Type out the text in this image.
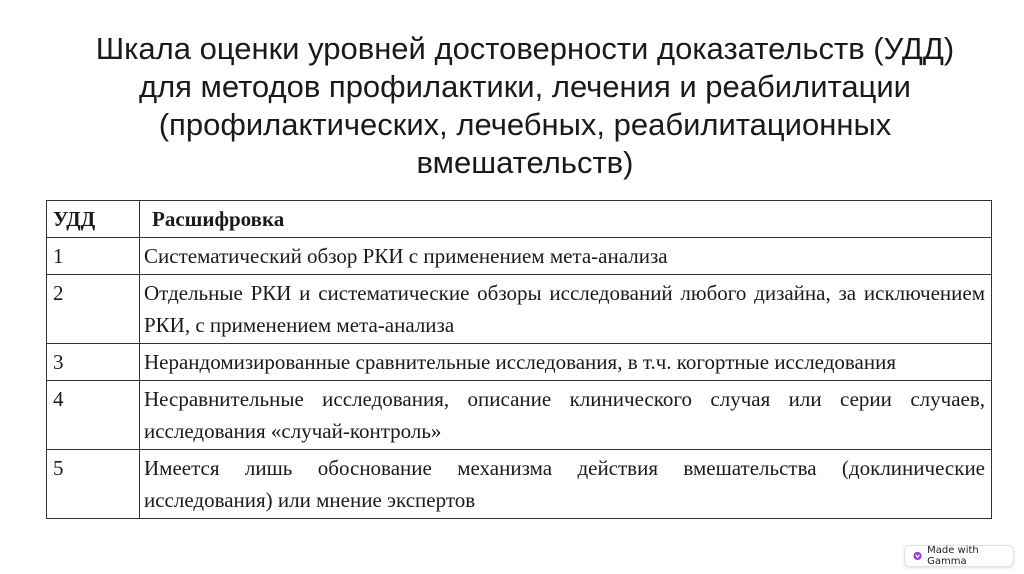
Шкала оценки уровней достоверности доказательств (УДД)
для методов профилактики, лечения и реабилитации
(профилактических, лечебных, реабилитационных
вмешательств)
УДД	Расшифровка
1	Систематический обзор РКИ с применением мета-анализа
2	Отдельные РКИ и систематические обзоры исследований любого дизайна, за исключением РКИ, с применением мета-анализа
3	Нерандомизированные сравнительные исследования, в т.ч. когортные исследования
4	Несравнительные исследования, описание клинического случая или серии случаев, исследования «случай-контроль»
5	Имеется лишь обоснование механизма действия вмешательства (доклинические исследования) или мнение экспертов
Made with Gamma
